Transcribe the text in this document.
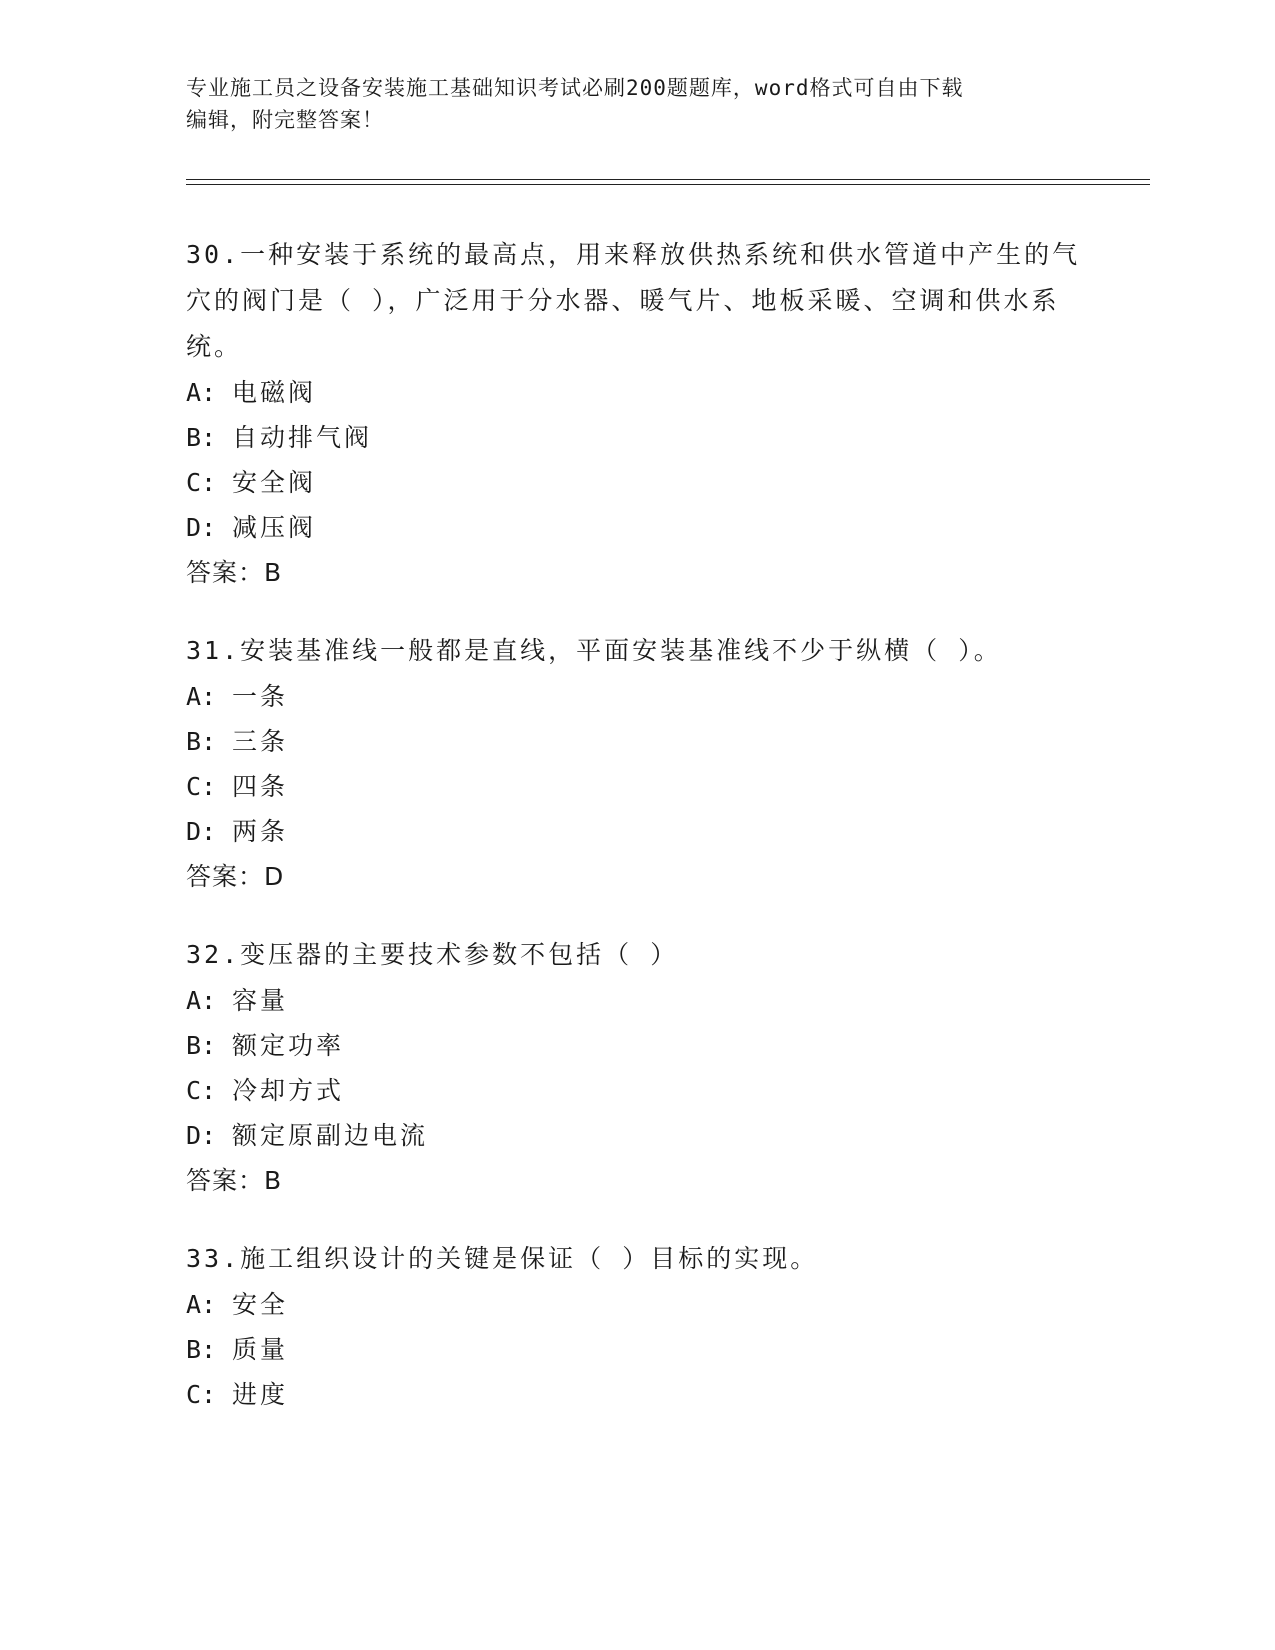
专业施工员之设备安装施工基础知识考试必刷200题题库，word格式可自由下载
编辑，附完整答案！
30.一种安装于系统的最高点，用来释放供热系统和供水管道中产生的气穴的阀门是（ ），广泛用于分水器、暖气片、地板采暖、空调和供水系统。
A: 电磁阀
B: 自动排气阀
C: 安全阀
D: 减压阀
答案：B
31.安装基准线一般都是直线，平面安装基准线不少于纵横（ ）。
A: 一条
B: 三条
C: 四条
D: 两条
答案：D
32.变压器的主要技术参数不包括（ ）
A: 容量
B: 额定功率
C: 冷却方式
D: 额定原副边电流
答案：B
33.施工组织设计的关键是保证（ ）目标的实现。
A: 安全
B: 质量
C: 进度
